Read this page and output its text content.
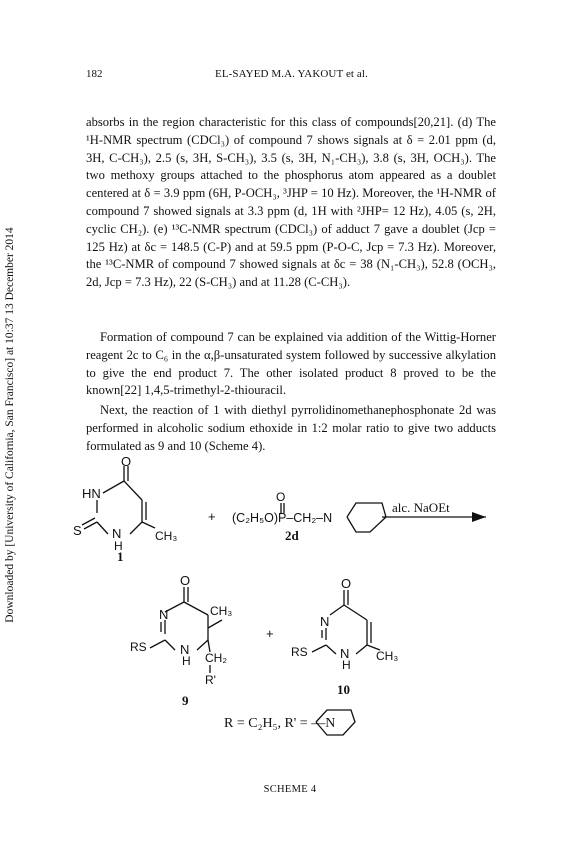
Downloaded by [University of California, San Francisco] at 10:37 13 December 2014
182	EL-SAYED M.A. YAKOUT et al.

absorbs in the region characteristic for this class of compounds[20,21]. (d) The ¹H-NMR spectrum (CDCl₃) of compound 7 shows signals at δ = 2.01 ppm (d, 3H, C-CH₃), 2.5 (s, 3H, S-CH₃), 3.5 (s, 3H, N₁-CH₃), 3.8 (s, 3H, OCH₃). The two methoxy groups attached to the phosphorus atom appeared as a doublet centered at δ = 3.9 ppm (6H, P-OCH₃, ³JHP = 10 Hz). Moreover, the ¹H-NMR of compound 7 showed signals at 3.3 ppm (d, 1H with ²JHP= 12 Hz), 4.05 (s, 2H, cyclic CH₂). (e) ¹³C-NMR spectrum (CDCl₃) of adduct 7 gave a doublet (Jcp = 125 Hz) at δc = 148.5 (C-P) and at 59.5 ppm (P-O-C, Jcp = 7.3 Hz). Moreover, the ¹³C-NMR of compound 7 showed signals at δc = 38 (N₁-CH₃), 52.8 (OCH₃, 2d, Jcp = 7.3 Hz), 22 (S-CH₃) and at 11.28 (C-CH₃).

Formation of compound 7 can be explained via addition of the Wittig-Horner reagent 2c to C₆ in the α,β-unsaturated system followed by successive alkylation to give the end product 7. The other isolated product 8 proved to be the known[22] 1,4,5-trimethyl-2-thiouracil.

Next, the reaction of 1 with diethyl pyrrolidinomethanephosphonate 2d was performed in alcoholic sodium ethoxide in 1:2 molar ratio to give two adducts formulated as 9 and 10 (Scheme 4).

O
HN
S N
H
CH₃
1
+
O
(C₂H₅O)P–CH₂–N
2d
alc. NaOEt
O
N	CH₃
RS	N
H CH₂
R'
9
+
O
N
RS N
H
CH₃
10
R = C₂H₅, R' = —N
SCHEME 4
